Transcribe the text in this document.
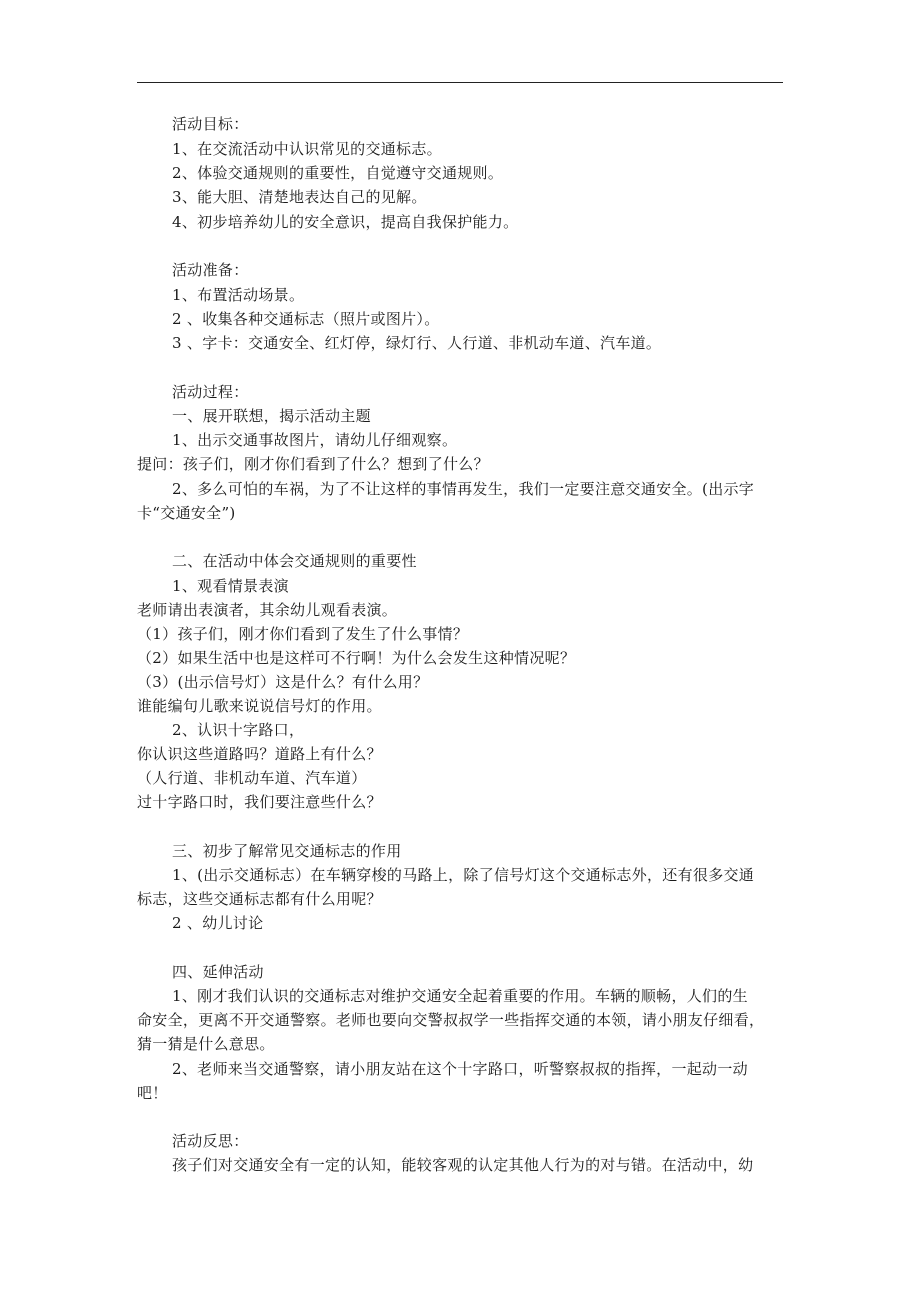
活动目标：
1、在交流活动中认识常见的交通标志。
2、体验交通规则的重要性，自觉遵守交通规则。
3、能大胆、清楚地表达自己的见解。
4、初步培养幼儿的安全意识，提高自我保护能力。
活动准备：
1、布置活动场景。
2 、收集各种交通标志（照片或图片）。
3 、字卡：交通安全、红灯停，绿灯行、人行道、非机动车道、汽车道。
活动过程：
一、展开联想，揭示活动主题
1、出示交通事故图片，请幼儿仔细观察。
提问：孩子们，刚才你们看到了什么？想到了什么？
2、多么可怕的车祸，为了不让这样的事情再发生，我们一定要注意交通安全。(出示字
卡“交通安全”)
二、在活动中体会交通规则的重要性
1、观看情景表演
老师请出表演者，其余幼儿观看表演。
（1）孩子们，刚才你们看到了发生了什么事情？
（2）如果生活中也是这样可不行啊！为什么会发生这种情况呢？
（3）(出示信号灯）这是什么？有什么用？
谁能编句儿歌来说说信号灯的作用。
2、认识十字路口，
你认识这些道路吗？道路上有什么？
（人行道、非机动车道、汽车道）
过十字路口时，我们要注意些什么？
三、初步了解常见交通标志的作用
1、(出示交通标志）在车辆穿梭的马路上，除了信号灯这个交通标志外，还有很多交通
标志，这些交通标志都有什么用呢？
2 、幼儿讨论
四、延伸活动
1、刚才我们认识的交通标志对维护交通安全起着重要的作用。车辆的顺畅，人们的生
命安全，更离不开交通警察。老师也要向交警叔叔学一些指挥交通的本领，请小朋友仔细看，
猜一猜是什么意思。
2、老师来当交通警察，请小朋友站在这个十字路口，听警察叔叔的指挥，一起动一动
吧！
活动反思：
孩子们对交通安全有一定的认知，能较客观的认定其他人行为的对与错。在活动中，幼
